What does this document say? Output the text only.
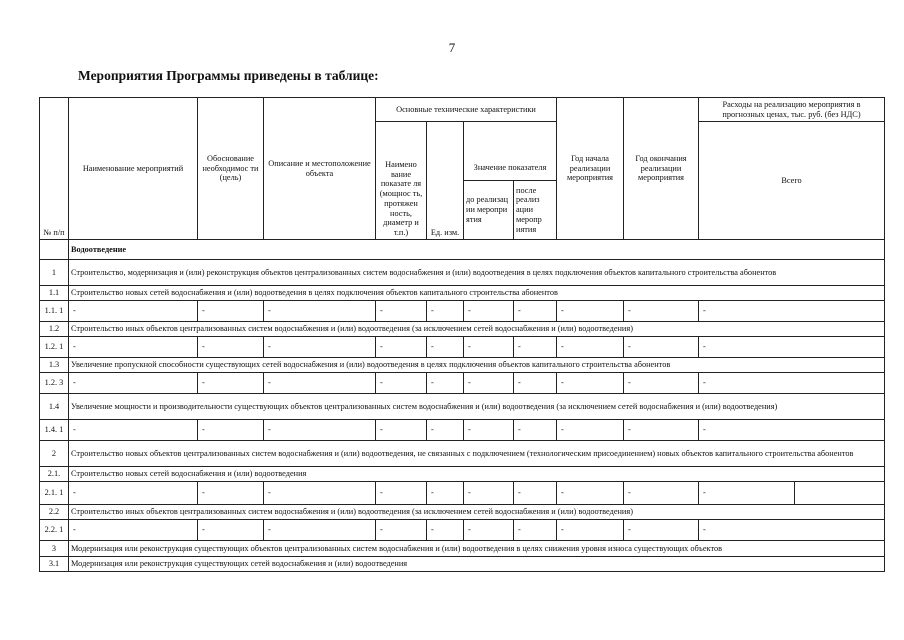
7
Мероприятия Программы приведены в таблице:
№ п/п	Наименование мероприятий	Обоснование необходимос ти (цель)	Описание и местоположение объекта	Основные технические характеристики				Год начала реализации мероприятия	Год окончания реализации мероприятия	Расходы на реализацию мероприятия в прогнозных ценах, тыс. руб. (без НДС)	
				Наимено вание показате ля (мощнос ть, протяжен ность, диаметр и т.п.)	Ед. изм.					Всего	
						Значение показателя					
						до реализац ии меропри ятия	после реализ ации меропр иятия				
	Водоотведение										
1	Строительство, модернизация и (или) реконструкция объектов централизованных систем водоснабжения и (или) водоотведения в целях подключения объектов капитального строительства абонентов										
1.1	Строительство новых сетей водоснабжения и (или) водоотведения в целях подключения объектов капитального строительства абонентов										
1.1. 1	-	-	-	-	-	-	-	-	-	-	
1.2	Строительство иных объектов централизованных систем водоснабжения и (или) водоотведения (за исключением сетей водоснабжения и (или) водоотведения)										
1.2. 1	-	-	-	-	-	-	-	-	-	-	
1.3	Увеличение пропускной способности существующих сетей водоснабжения и (или) водоотведения в целях подключения объектов капитального строительства абонентов										
1.2. 3	-	-	-	-	-	-	-	-	-	-	
1.4	Увеличение мощности и производительности существующих объектов централизованных систем водоснабжения и (или) водоотведения (за исключением сетей водоснабжения и (или) водоотведения)										
1.4. 1	-	-	-	-	-	-	-	-	-	-	
2	Строительство новых объектов централизованных систем водоснабжения и (или) водоотведения, не связанных с подключением (технологическим присоединением) новых объектов капитального строительства абонентов										
2.1.	Строительство новых сетей водоснабжения и (или) водоотведения										
2.1. 1	-	-	-	-	-	-	-	-	-	-	
2.2	Строительство иных объектов централизованных систем водоснабжения и (или) водоотведения (за исключением сетей водоснабжения и (или) водоотведения)										
2.2. 1	-	-	-	-	-	-	-	-	-	-	
3	Модернизация или реконструкция существующих объектов централизованных систем водоснабжения и (или) водоотведения в целях снижения уровня износа существующих объектов										
3.1	Модернизация или реконструкция существующих сетей водоснабжения и (или) водоотведения										
